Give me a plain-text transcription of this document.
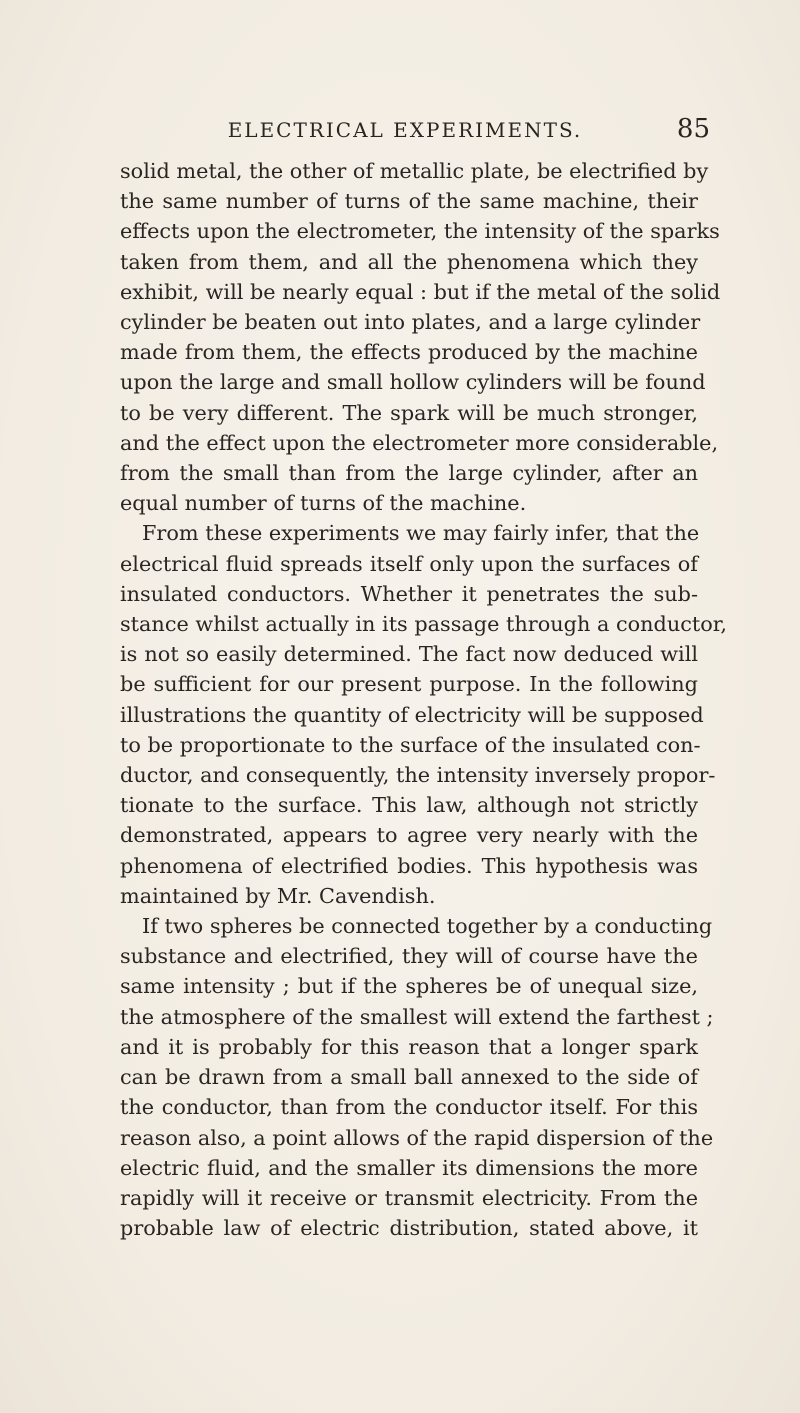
ELECTRICAL EXPERIMENTS.	85
solid metal, the other of metallic plate, be electrified by
the same number of turns of the same machine, their
effects upon the electrometer, the intensity of the sparks
taken from them, and all the phenomena which they
exhibit, will be nearly equal : but if the metal of the solid
cylinder be beaten out into plates, and a large cylinder
made from them, the effects produced by the machine
upon the large and small hollow cylinders will be found
to be very different. The spark will be much stronger,
and the effect upon the electrometer more considerable,
from the small than from the large cylinder, after an
equal number of turns of the machine.
From these experiments we may fairly infer, that the
electrical fluid spreads itself only upon the surfaces of
insulated conductors. Whether it penetrates the sub-
stance whilst actually in its passage through a conductor,
is not so easily determined. The fact now deduced will
be sufficient for our present purpose. In the following
illustrations the quantity of electricity will be supposed
to be proportionate to the surface of the insulated con-
ductor, and consequently, the intensity inversely propor-
tionate to the surface. This law, although not strictly
demonstrated, appears to agree very nearly with the
phenomena of electrified bodies. This hypothesis was
maintained by Mr. Cavendish.
If two spheres be connected together by a conducting
substance and electrified, they will of course have the
same intensity ; but if the spheres be of unequal size,
the atmosphere of the smallest will extend the farthest ;
and it is probably for this reason that a longer spark
can be drawn from a small ball annexed to the side of
the conductor, than from the conductor itself. For this
reason also, a point allows of the rapid dispersion of the
electric fluid, and the smaller its dimensions the more
rapidly will it receive or transmit electricity. From the
probable law of electric distribution, stated above, it
